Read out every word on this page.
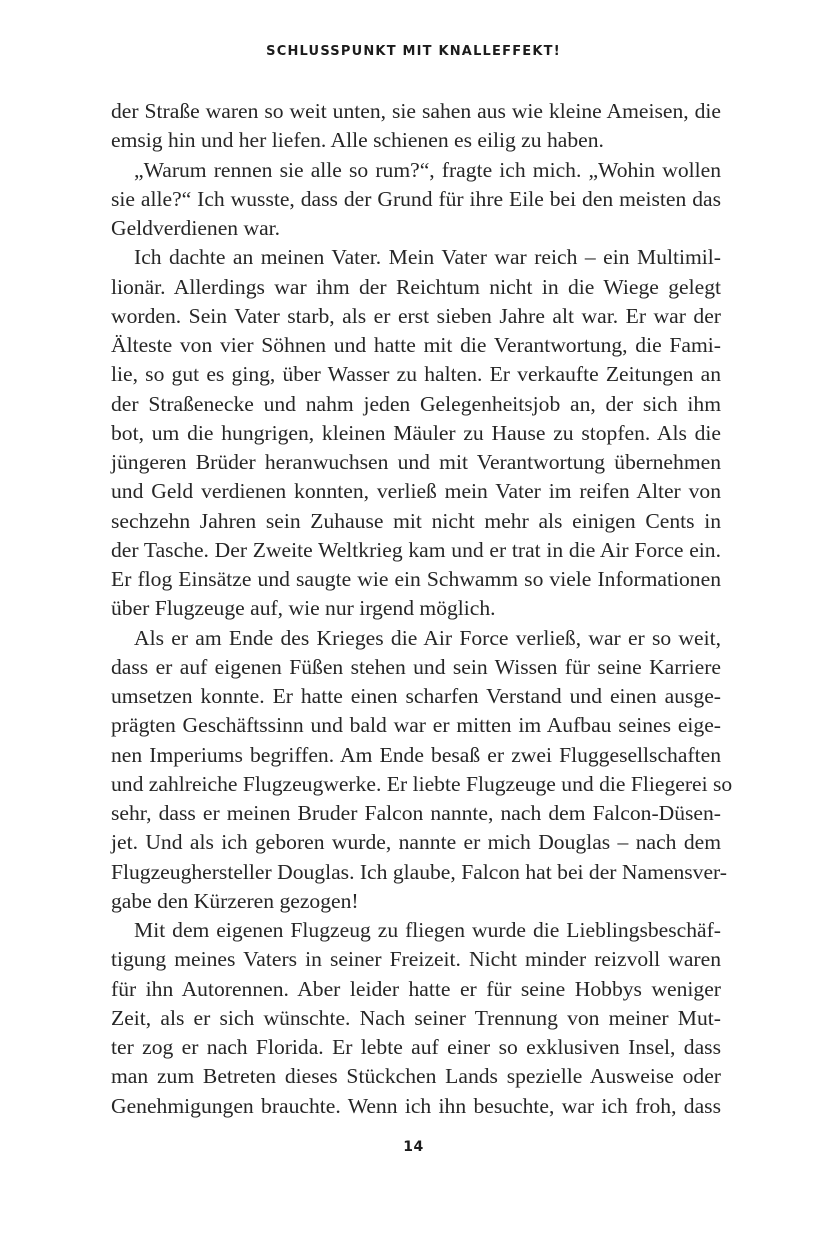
SCHLUSSPUNKT MIT KNALLEFFEKT!
der Straße waren so weit unten, sie sahen aus wie kleine Ameisen, die
emsig hin und her liefen. Alle schienen es eilig zu haben.
„Warum rennen sie alle so rum?“, fragte ich mich. „Wohin wollen
sie alle?“ Ich wusste, dass der Grund für ihre Eile bei den meisten das
Geldverdienen war.
Ich dachte an meinen Vater. Mein Vater war reich – ein Multimil-
lionär. Allerdings war ihm der Reichtum nicht in die Wiege gelegt
worden. Sein Vater starb, als er erst sieben Jahre alt war. Er war der
Älteste von vier Söhnen und hatte mit die Verantwortung, die Fami-
lie, so gut es ging, über Wasser zu halten. Er verkaufte Zeitungen an
der Straßenecke und nahm jeden Gelegenheitsjob an, der sich ihm
bot, um die hungrigen, kleinen Mäuler zu Hause zu stopfen. Als die
jüngeren Brüder heranwuchsen und mit Verantwortung übernehmen
und Geld verdienen konnten, verließ mein Vater im reifen Alter von
sechzehn Jahren sein Zuhause mit nicht mehr als einigen Cents in
der Tasche. Der Zweite Weltkrieg kam und er trat in die Air Force ein.
Er flog Einsätze und saugte wie ein Schwamm so viele Informationen
über Flugzeuge auf, wie nur irgend möglich.
Als er am Ende des Krieges die Air Force verließ, war er so weit,
dass er auf eigenen Füßen stehen und sein Wissen für seine Karriere
umsetzen konnte. Er hatte einen scharfen Verstand und einen ausge-
prägten Geschäftssinn und bald war er mitten im Aufbau seines eige-
nen Imperiums begriffen. Am Ende besaß er zwei Fluggesellschaften
und zahlreiche Flugzeugwerke. Er liebte Flugzeuge und die Fliegerei so
sehr, dass er meinen Bruder Falcon nannte, nach dem Falcon-Düsen-
jet. Und als ich geboren wurde, nannte er mich Douglas – nach dem
Flugzeughersteller Douglas. Ich glaube, Falcon hat bei der Namensver-
gabe den Kürzeren gezogen!
Mit dem eigenen Flugzeug zu fliegen wurde die Lieblingsbeschäf-
tigung meines Vaters in seiner Freizeit. Nicht minder reizvoll waren
für ihn Autorennen. Aber leider hatte er für seine Hobbys weniger
Zeit, als er sich wünschte. Nach seiner Trennung von meiner Mut-
ter zog er nach Florida. Er lebte auf einer so exklusiven Insel, dass
man zum Betreten dieses Stückchen Lands spezielle Ausweise oder
Genehmigungen brauchte. Wenn ich ihn besuchte, war ich froh, dass
14
